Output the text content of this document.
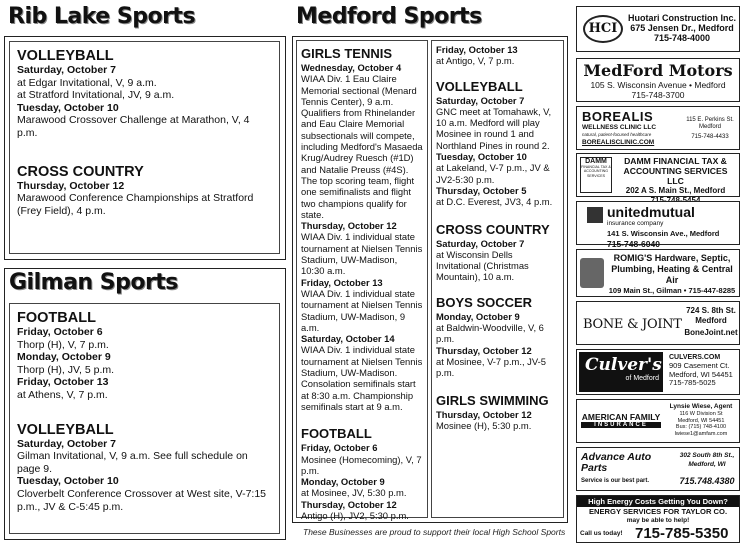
Rib Lake Sports
VOLLEYBALL
Saturday, October 7
at Edgar Invitational, V, 9 a.m.
at Stratford Invitational, JV, 9 a.m.
Tuesday, October 10
Marawood Crossover Challenge at Marathon, V, 4 p.m.
CROSS COUNTRY
Thursday, October 12
Marawood Conference Championships at Stratford (Frey Field), 4 p.m.
Gilman Sports
FOOTBALL
Friday, October 6
Thorp (H), V, 7 p.m.
Monday, October 9
Thorp (H), JV, 5 p.m.
Friday, October 13
at Athens, V, 7 p.m.
VOLLEYBALL
Saturday, October 7
Gilman Invitational, V, 9 a.m. See full schedule on page 9.
Tuesday, October 10
Cloverbelt Conference Crossover at West site, V-7:15 p.m., JV & C-5:45 p.m.
Medford Sports
GIRLS TENNIS
Wednesday, October 4
WIAA Div. 1 Eau Claire Memorial sectional (Menard Tennis Center), 9 a.m. Qualifiers from Rhinelander and Eau Claire Memorial subsectionals will compete, including Medford's Masaeda Krug/Audrey Ruesch (#1D) and Natalie Preuss (#4S). The top scoring team, flight one semifinalists and flight two champions qualify for state.
Thursday, October 12
WIAA Div. 1 individual state tournament at Nielsen Tennis Stadium, UW-Madison, 10:30 a.m.
Friday, October 13
WIAA Div. 1 individual state tournament at Nielsen Tennis Stadium, UW-Madison, 9 a.m.
Saturday, October 14
WIAA Div. 1 individual state tournament at Nielsen Tennis Stadium, UW-Madison. Consolation semifinals start at 8:30 a.m. Championship semifinals start at 9 a.m.
FOOTBALL
Friday, October 6
Mosinee (Homecoming), V, 7 p.m.
Monday, October 9
at Mosinee, JV, 5:30 p.m.
Thursday, October 12
Antigo (H), JV2, 5:30 p.m.
Friday, October 13
at Antigo, V, 7 p.m.
VOLLEYBALL
Saturday, October 7
GNC meet at Tomahawk, V, 10 a.m. Medford will play Mosinee in round 1 and Northland Pines in round 2.
Tuesday, October 10
at Lakeland, V-7 p.m., JV & JV2-5:30 p.m.
Thursday, October 5
at D.C. Everest, JV3, 4 p.m.
CROSS COUNTRY
Saturday, October 7
at Wisconsin Dells Invitational (Christmas Mountain), 10 a.m.
BOYS SOCCER
Monday, October 9
at Baldwin-Woodville, V, 6 p.m.
Thursday, October 12
at Mosinee, V-7 p.m., JV-5 p.m.
GIRLS SWIMMING
Thursday, October 12
Mosinee (H), 5:30 p.m.
These Businesses are proud to support their local High School Sports
HCI
Huotari Construction Inc.
675 Jensen Dr., Medford
715-748-4000
MedFord Motors
105 S. Wisconsin Avenue • Medford
715-748-3700
BOREALIS
WELLNESS CLINIC LLC
natural, patient-focused healthcare
BOREALISCLINIC.COM
115 E. Perkins St. Medford
715-748-4433
DAMM
FINANCIAL TAX & ACCOUNTING SERVICES
DAMM FINANCIAL TAX & ACCOUNTING SERVICES LLC
202 A S. Main St., Medford
unitedmutual
insurance company
141 S. Wisconsin Ave., Medford
715-748-6040
ROMIG'S Hardware, Septic, Plumbing, Heating & Central Air
109 Main St., Gilman • 715-447-8285
BONE & JOINT
724 S. 8th St. Medford
BoneJoint.net
Culver's
of Medford
CULVERS.COM
909 Casement Ct.
Medford, WI 54451
715-785-5025
AMERICAN FAMILY
INSURANCE
Lynsie Wiese, Agent
116 W Division St
Medford, WI 54451
Bus: (715) 748-4100
lwiese1@amfam.com
Advance Auto Parts
Service is our best part.
302 South 8th St., Medford, WI
715.748.4380
High Energy Costs Getting You Down?
ENERGY SERVICES FOR TAYLOR CO.
may be able to help!
Call us today! 715-785-5350
